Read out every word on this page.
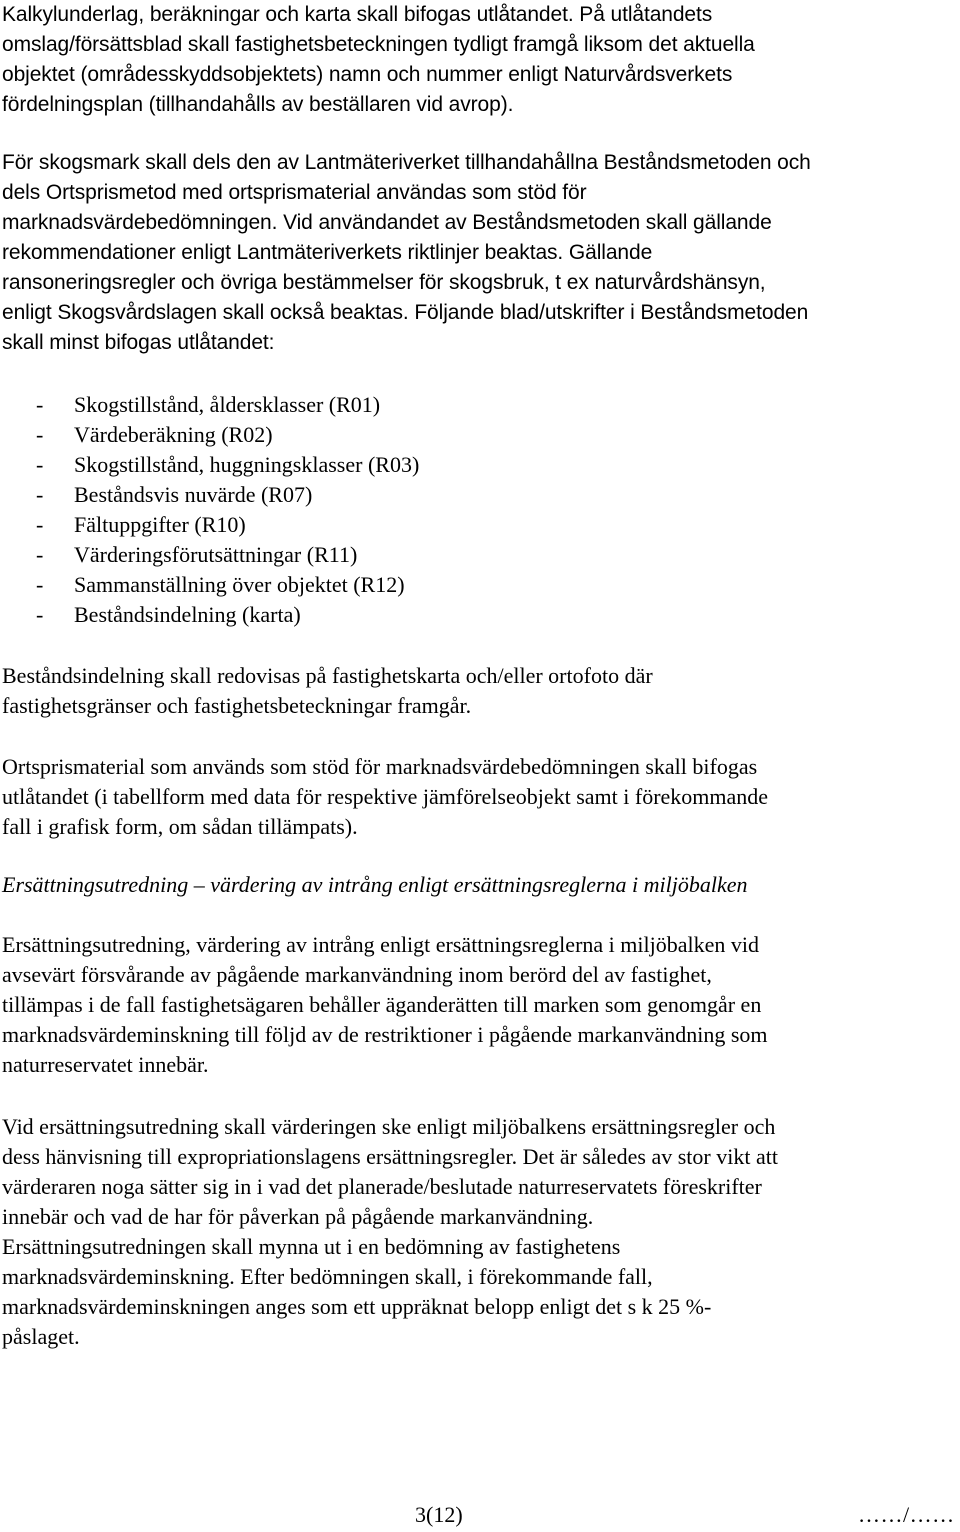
Kalkylunderlag, beräkningar och karta skall bifogas utlåtandet. På utlåtandets
omslag/försättsblad skall fastighetsbeteckningen tydligt framgå liksom det aktuella
objektet (områdesskyddsobjektets) namn och nummer enligt Naturvårdsverkets
fördelningsplan (tillhandahålls av beställaren vid avrop).
För skogsmark skall dels den av Lantmäteriverket tillhandahållna Beståndsmetoden och
dels Ortsprismetod med ortsprismaterial användas som stöd för
marknadsvärdebedömningen. Vid användandet av Beståndsmetoden skall gällande
rekommendationer enligt Lantmäteriverkets riktlinjer beaktas. Gällande
ransoneringsregler och övriga bestämmelser för skogsbruk, t ex naturvårdshänsyn,
enligt Skogsvårdslagen skall också beaktas. Följande blad/utskrifter i Beståndsmetoden
skall minst bifogas utlåtandet:
-	Skogstillstånd, åldersklasser (R01)
-	Värdeberäkning (R02)
-	Skogstillstånd, huggningsklasser (R03)
-	Beståndsvis nuvärde (R07)
-	Fältuppgifter (R10)
-	Värderingsförutsättningar (R11)
-	Sammanställning över objektet (R12)
-	Beståndsindelning (karta)
Beståndsindelning skall redovisas på fastighetskarta och/eller ortofoto där
fastighetsgränser och fastighetsbeteckningar framgår.
Ortsprismaterial som används som stöd för marknadsvärdebedömningen skall bifogas
utlåtandet (i tabellform med data för respektive jämförelseobjekt samt i förekommande
fall i grafisk form, om sådan tillämpats).
Ersättningsutredning – värdering av intrång enligt ersättningsreglerna i miljöbalken
Ersättningsutredning, värdering av intrång enligt ersättningsreglerna i miljöbalken vid
avsevärt försvårande av pågående markanvändning inom berörd del av fastighet,
tillämpas i de fall fastighetsägaren behåller äganderätten till marken som genomgår en
marknadsvärdeminskning till följd av de restriktioner i pågående markanvändning som
naturreservatet innebär.
Vid ersättningsutredning skall värderingen ske enligt miljöbalkens ersättningsregler och
dess hänvisning till expropriationslagens ersättningsregler. Det är således av stor vikt att
värderaren noga sätter sig in i vad det planerade/beslutade naturreservatets föreskrifter
innebär och vad de har för påverkan på pågående markanvändning.
Ersättningsutredningen skall mynna ut i en bedömning av fastighetens
marknadsvärdeminskning. Efter bedömningen skall, i förekommande fall,
marknadsvärdeminskningen anges som ett uppräknat belopp enligt det s k 25 %-
påslaget.
3(12)	……/……
